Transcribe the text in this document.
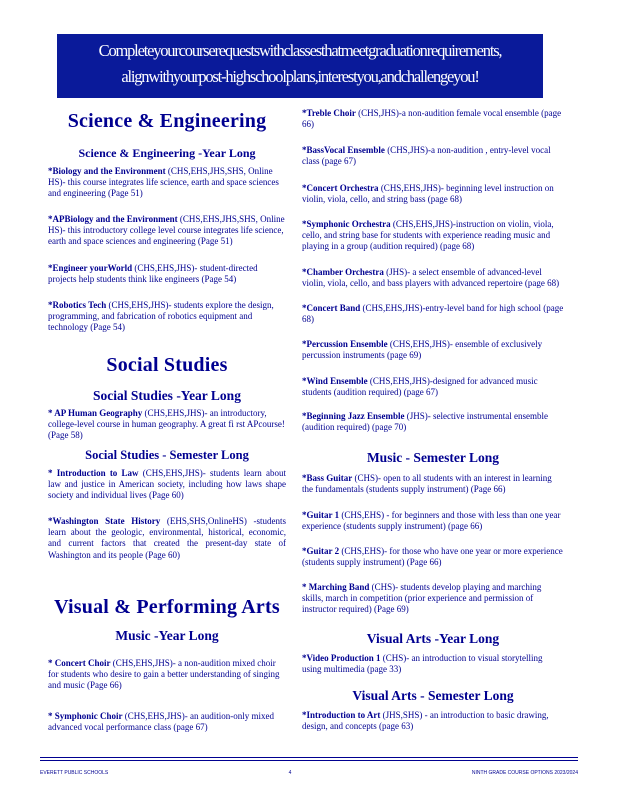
Completeyourcourserequestswithclassesthatmeetgraduationrequirements,
alignwithyourpost-highschoolplans,interestyou,andchallengeyou!

Science & Engineering

Science & Engineering -Year Long

*Biology and the Environment (CHS,EHS,JHS,SHS, Online HS)- this course integrates life science, earth and space sciences and engineering (Page 51)

*APBiology and the Environment (CHS,EHS,JHS,SHS, Online HS)- this introductory college level course integrates life science, earth and space sciences and engineering (Page 51)

*Engineer yourWorld (CHS,EHS,JHS)- student-directed projects help students think like engineers (Page 54)

*Robotics Tech (CHS,EHS,JHS)- students explore the design, programming, and fabrication of robotics equipment and technology (Page 54)

Social Studies

Social Studies -Year Long

* AP Human Geography (CHS,EHS,JHS)- an introductory, college-level course in human geography. A great fi rst APcourse! (Page 58)

Social Studies - Semester Long

* Introduction to Law (CHS,EHS,JHS)- students learn about law and justice in American society, including how laws shape society and individual lives (Page 60)

*Washington State History (EHS,SHS,OnlineHS) -students learn about the geologic, environmental, historical, economic, and current factors that created the present-day state of Washington and its people (Page 60)

Visual & Performing Arts

Music -Year Long

* Concert Choir (CHS,EHS,JHS)- a non-audition mixed choir for students who desire to gain a better understanding of singing and music (Page 66)

* Symphonic Choir (CHS,EHS,JHS)- an audition-only mixed advanced vocal performance class (page 67)

*Treble Choir (CHS,JHS)-a non-audition female vocal ensemble (page 66)

*BassVocal Ensemble (CHS,JHS)-a non-audition , entry-level vocal class (page 67)

*Concert Orchestra (CHS,EHS,JHS)- beginning level instruction on violin, viola, cello, and string bass (page 68)

*Symphonic Orchestra (CHS,EHS,JHS)-instruction on violin, viola, cello, and string base for students with experience reading music and playing in a group (audition required) (page 68)

*Chamber Orchestra (JHS)- a select ensemble of advanced-level violin, viola, cello, and bass players with advanced repertoire (page 68)

*Concert Band (CHS,EHS,JHS)-entry-level band for high school (page 68)

*Percussion Ensemble (CHS,EHS,JHS)- ensemble of exclusively percussion instruments (page 69)

*Wind Ensemble (CHS,EHS,JHS)-designed for advanced music students (audition required) (page 67)

*Beginning Jazz Ensemble (JHS)- selective instrumental ensemble (audition required) (page 70)

Music - Semester Long

*Bass Guitar (CHS)- open to all students with an interest in learning the fundamentals (students supply instrument) (Page 66)

*Guitar 1 (CHS,EHS) - for beginners and those with less than one year experience (students supply instrument) (page 66)

*Guitar 2 (CHS,EHS)- for those who have one year or more experience (students supply instrument) (Page 66)

* Marching Band (CHS)- students develop playing and marching skills, march in competition (prior experience and permission of instructor required) (Page 69)

Visual Arts -Year Long

*Video Production 1 (CHS)- an introduction to visual storytelling using multimedia (page 33)

Visual Arts - Semester Long

*Introduction to Art (JHS,SHS) - an introduction to basic drawing, design, and concepts (page 63)

EVERETT PUBLIC SCHOOLS	4	NINTH GRADE COURSE OPTIONS 2023/2024
